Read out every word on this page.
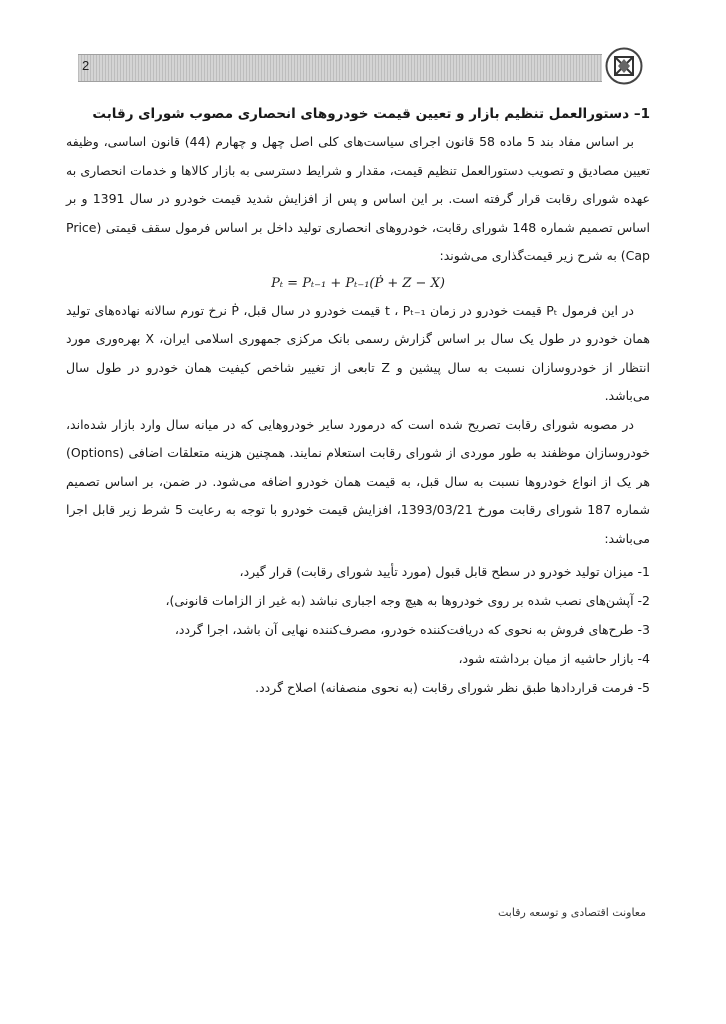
2

1– دستورالعمل تنظیم بازار و تعیین قیمت خودروهای انحصاری مصوب شورای رقابت

بر اساس مفاد بند 5 ماده 58 قانون اجرای سیاست‌های کلی اصل چهل و چهارم (44) قانون اساسی، وظیفه تعیین مصادیق و تصویب دستورالعمل تنظیم قیمت، مقدار و شرایط دسترسی به بازار کالاها و خدمات انحصاری به عهده شورای رقابت قرار گرفته است. بر این اساس و پس از افزایش شدید قیمت خودرو در سال 1391 و بر اساس تصمیم شماره 148 شورای رقابت، خودروهای انحصاری تولید داخل بر اساس فرمول سقف قیمتی (Price Cap) به شرح زیر قیمت‌گذاری می‌شوند:

Pₜ = Pₜ₋₁ + Pₜ₋₁(Ṗ + Z − X)

در این فرمول Pₜ قیمت خودرو در زمان t ، Pₜ₋₁ قیمت خودرو در سال قبل، Ṗ نرخ تورم سالانه نهاده‌های تولید همان خودرو در طول یک سال بر اساس گزارش رسمی بانک مرکزی جمهوری اسلامی ایران، X بهره‌وری مورد انتظار از خودروسازان نسبت به سال پیشین و Z تابعی از تغییر شاخص کیفیت همان خودرو در طول سال می‌باشد.

در مصوبه شورای رقابت تصریح شده است که درمورد سایر خودروهایی که در میانه سال وارد بازار شده‌اند، خودروسازان موظفند به طور موردی از شورای رقابت استعلام نمایند. همچنین هزینه متعلقات اضافی (Options) هر یک از انواع خودروها نسبت به سال قبل، به قیمت همان خودرو اضافه می‌شود. در ضمن، بر اساس تصمیم شماره 187 شورای رقابت مورخ 1393/03/21، افزایش قیمت خودرو با توجه به رعایت 5 شرط زیر قابل اجرا می‌باشد:

1- میزان تولید خودرو در سطح قابل قبول (مورد تأیید شورای رقابت) قرار گیرد،
2- آپشن‌های نصب شده بر روی خودروها به هیچ وجه اجباری نباشد (به غیر از الزامات قانونی)،
3- طرح‌های فروش به نحوی که دریافت‌کننده خودرو، مصرف‌کننده نهایی آن باشد، اجرا گردد،
4- بازار حاشیه از میان برداشته شود،
5- فرمت قراردادها طبق نظر شورای رقابت (به نحوی منصفانه) اصلاح گردد.
معاونت اقتصادی و توسعه رقابت
